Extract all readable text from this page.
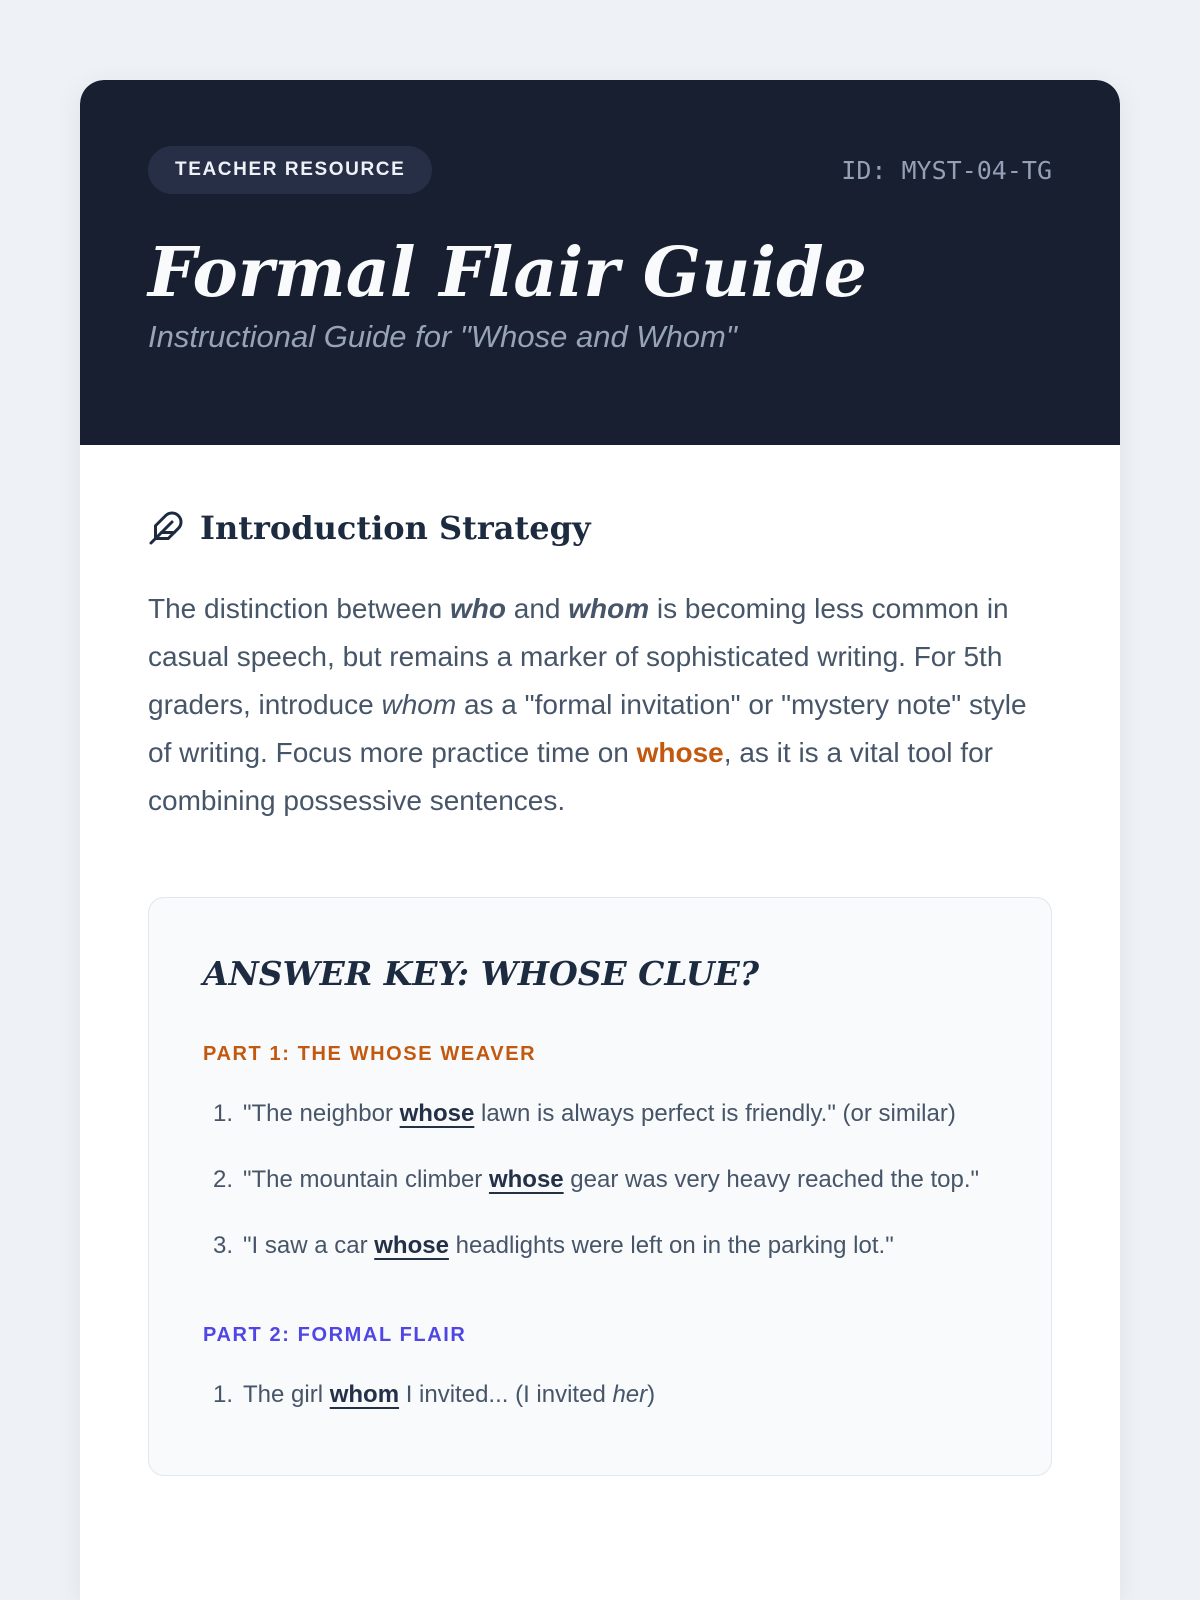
TEACHER RESOURCE	ID: MYST-04-TG
Formal Flair Guide
Instructional Guide for "Whose and Whom"
Introduction Strategy

The distinction between who and whom is becoming less common in casual speech, but remains a marker of sophisticated writing. For 5th graders, introduce whom as a "formal invitation" or "mystery note" style of writing. Focus more practice time on whose, as it is a vital tool for combining possessive sentences.

ANSWER KEY: WHOSE CLUE?
PART 1: THE WHOSE WEAVER
1. "The neighbor whose lawn is always perfect is friendly." (or similar)
2. "The mountain climber whose gear was very heavy reached the top."
3. "I saw a car whose headlights were left on in the parking lot."
PART 2: FORMAL FLAIR
1. The girl whom I invited... (I invited her)
